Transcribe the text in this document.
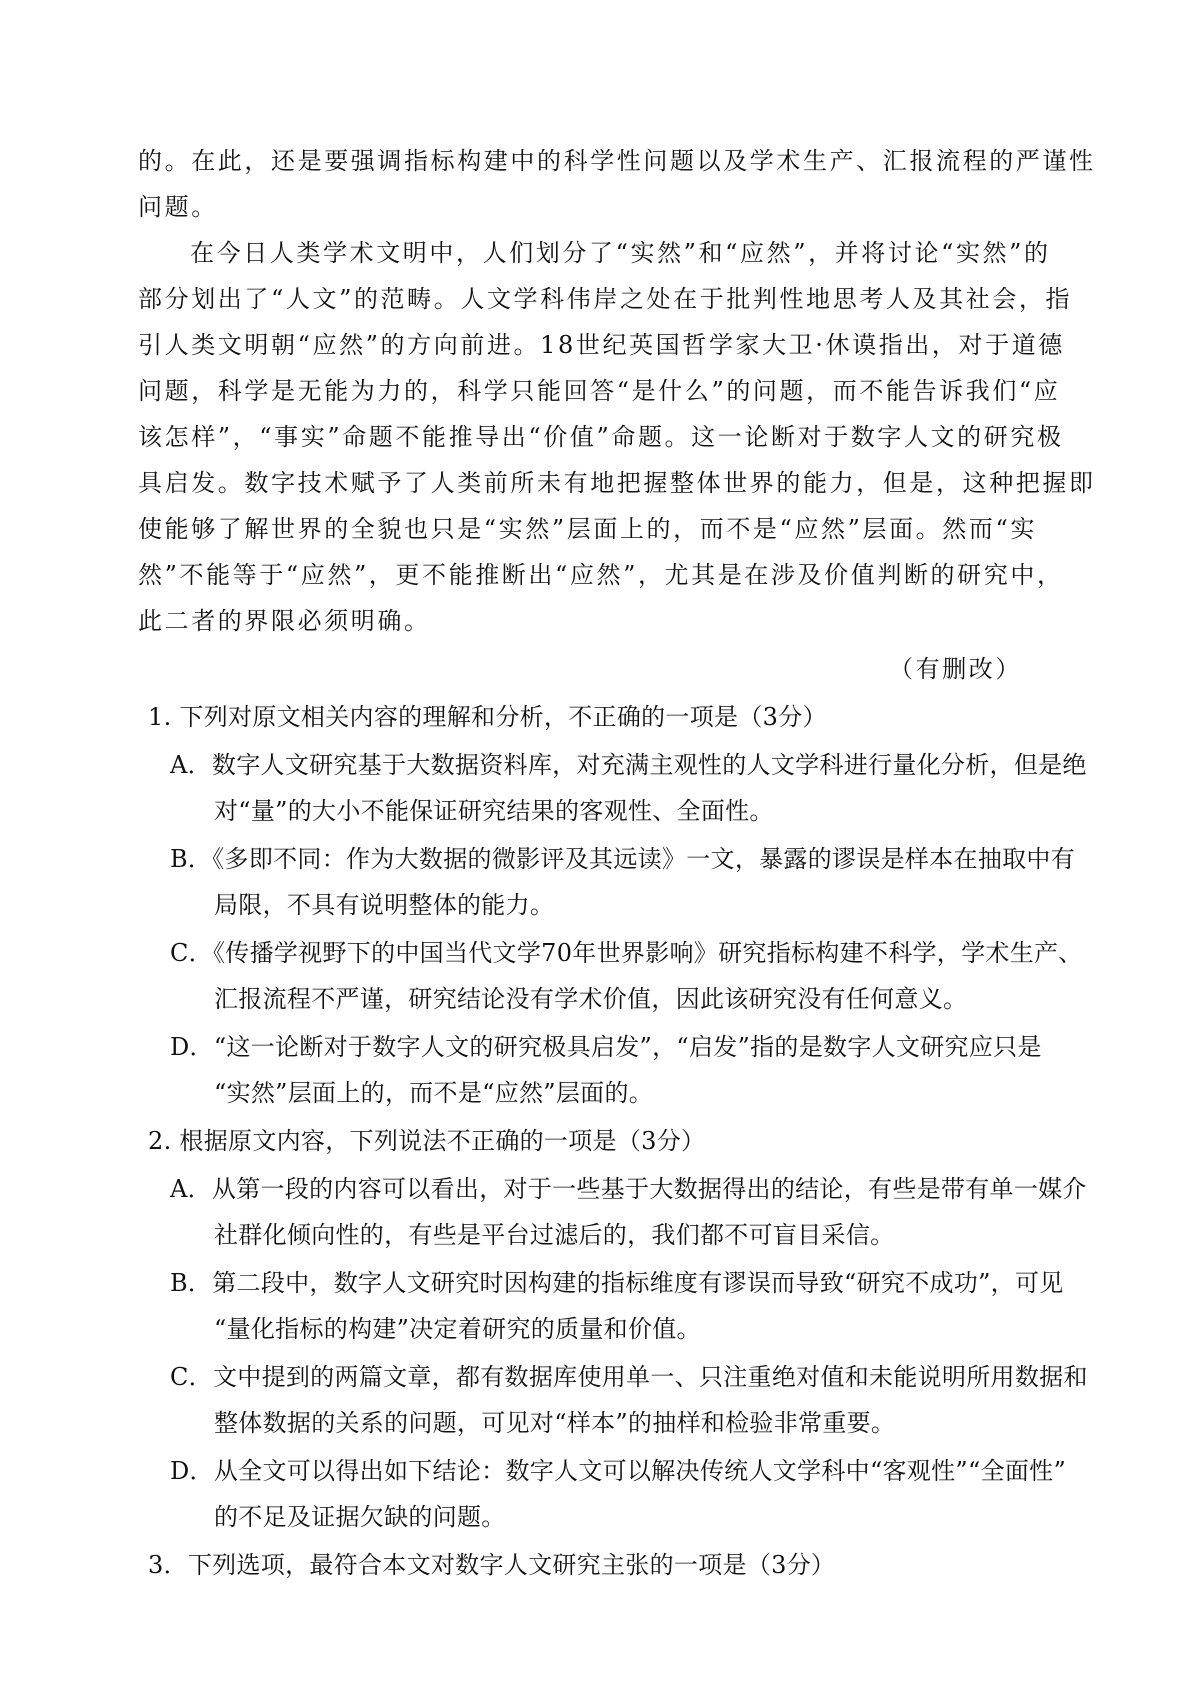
的。在此，还是要强调指标构建中的科学性问题以及学术生产、汇报流程的严谨性
问题。
在今日人类学术文明中，人们划分了“实然”和“应然”，并将讨论“实然”的
部分划出了“人文”的范畴。人文学科伟岸之处在于批判性地思考人及其社会，指
引人类文明朝“应然”的方向前进。18世纪英国哲学家大卫·休谟指出，对于道德
问题，科学是无能为力的，科学只能回答“是什么”的问题，而不能告诉我们“应
该怎样”，“事实”命题不能推导出“价值”命题。这一论断对于数字人文的研究极
具启发。数字技术赋予了人类前所未有地把握整体世界的能力，但是，这种把握即
使能够了解世界的全貌也只是“实然”层面上的，而不是“应然”层面。然而“实
然”不能等于“应然”，更不能推断出“应然”，尤其是在涉及价值判断的研究中，
此二者的界限必须明确。
（有删改）
1. 下列对原文相关内容的理解和分析，不正确的一项是（3分）
A．数字人文研究基于大数据资料库，对充满主观性的人文学科进行量化分析，但是绝
对“量”的大小不能保证研究结果的客观性、全面性。
B．《多即不同：作为大数据的微影评及其远读》一文，暴露的谬误是样本在抽取中有
局限，不具有说明整体的能力。
C．《传播学视野下的中国当代文学70年世界影响》研究指标构建不科学，学术生产、
汇报流程不严谨，研究结论没有学术价值，因此该研究没有任何意义。
D．“这一论断对于数字人文的研究极具启发”，“启发”指的是数字人文研究应只是
“实然”层面上的，而不是“应然”层面的。
2. 根据原文内容，下列说法不正确的一项是（3分）
A．从第一段的内容可以看出，对于一些基于大数据得出的结论，有些是带有单一媒介
社群化倾向性的，有些是平台过滤后的，我们都不可盲目采信。
B．第二段中，数字人文研究时因构建的指标维度有谬误而导致“研究不成功”，可见
“量化指标的构建”决定着研究的质量和价值。
C．文中提到的两篇文章，都有数据库使用单一、只注重绝对值和未能说明所用数据和
整体数据的关系的问题，可见对“样本”的抽样和检验非常重要。
D．从全文可以得出如下结论：数字人文可以解决传统人文学科中“客观性”“全面性”
的不足及证据欠缺的问题。
3．下列选项，最符合本文对数字人文研究主张的一项是（3分）
